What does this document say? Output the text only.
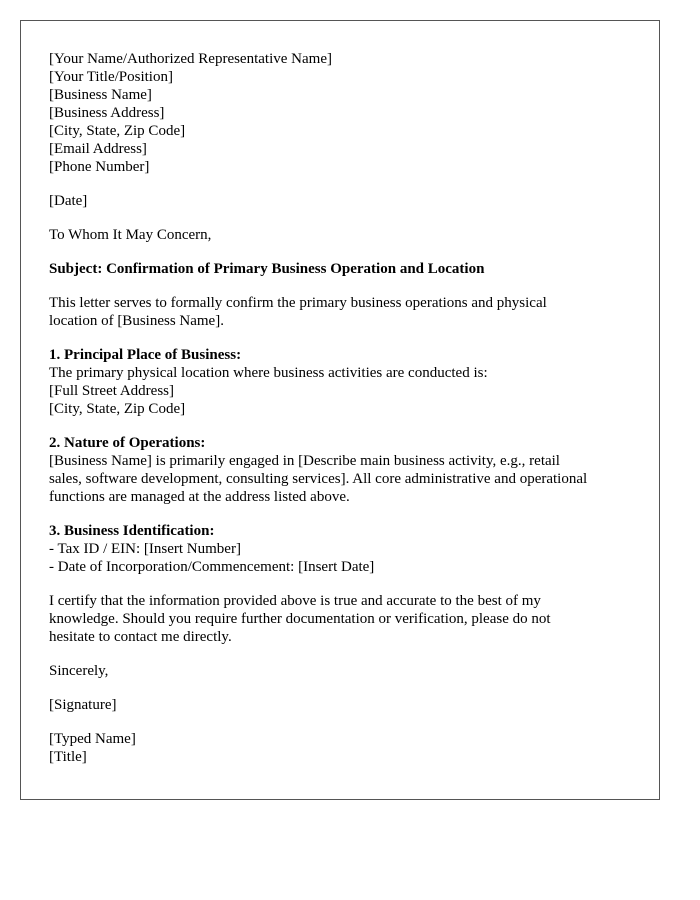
[Your Name/Authorized Representative Name]
[Your Title/Position]
[Business Name]
[Business Address]
[City, State, Zip Code]
[Email Address]
[Phone Number]

[Date]

To Whom It May Concern,

Subject: Confirmation of Primary Business Operation and Location

This letter serves to formally confirm the primary business operations and physical
location of [Business Name].

1. Principal Place of Business:
The primary physical location where business activities are conducted is:
[Full Street Address]
[City, State, Zip Code]
2. Nature of Operations:
[Business Name] is primarily engaged in [Describe main business activity, e.g., retail
sales, software development, consulting services]. All core administrative and operational
functions are managed at the address listed above.
3. Business Identification:
- Tax ID / EIN: [Insert Number]
- Date of Incorporation/Commencement: [Insert Date]

I certify that the information provided above is true and accurate to the best of my
knowledge. Should you require further documentation or verification, please do not
hesitate to contact me directly.

Sincerely,

[Signature]

[Typed Name]
[Title]
